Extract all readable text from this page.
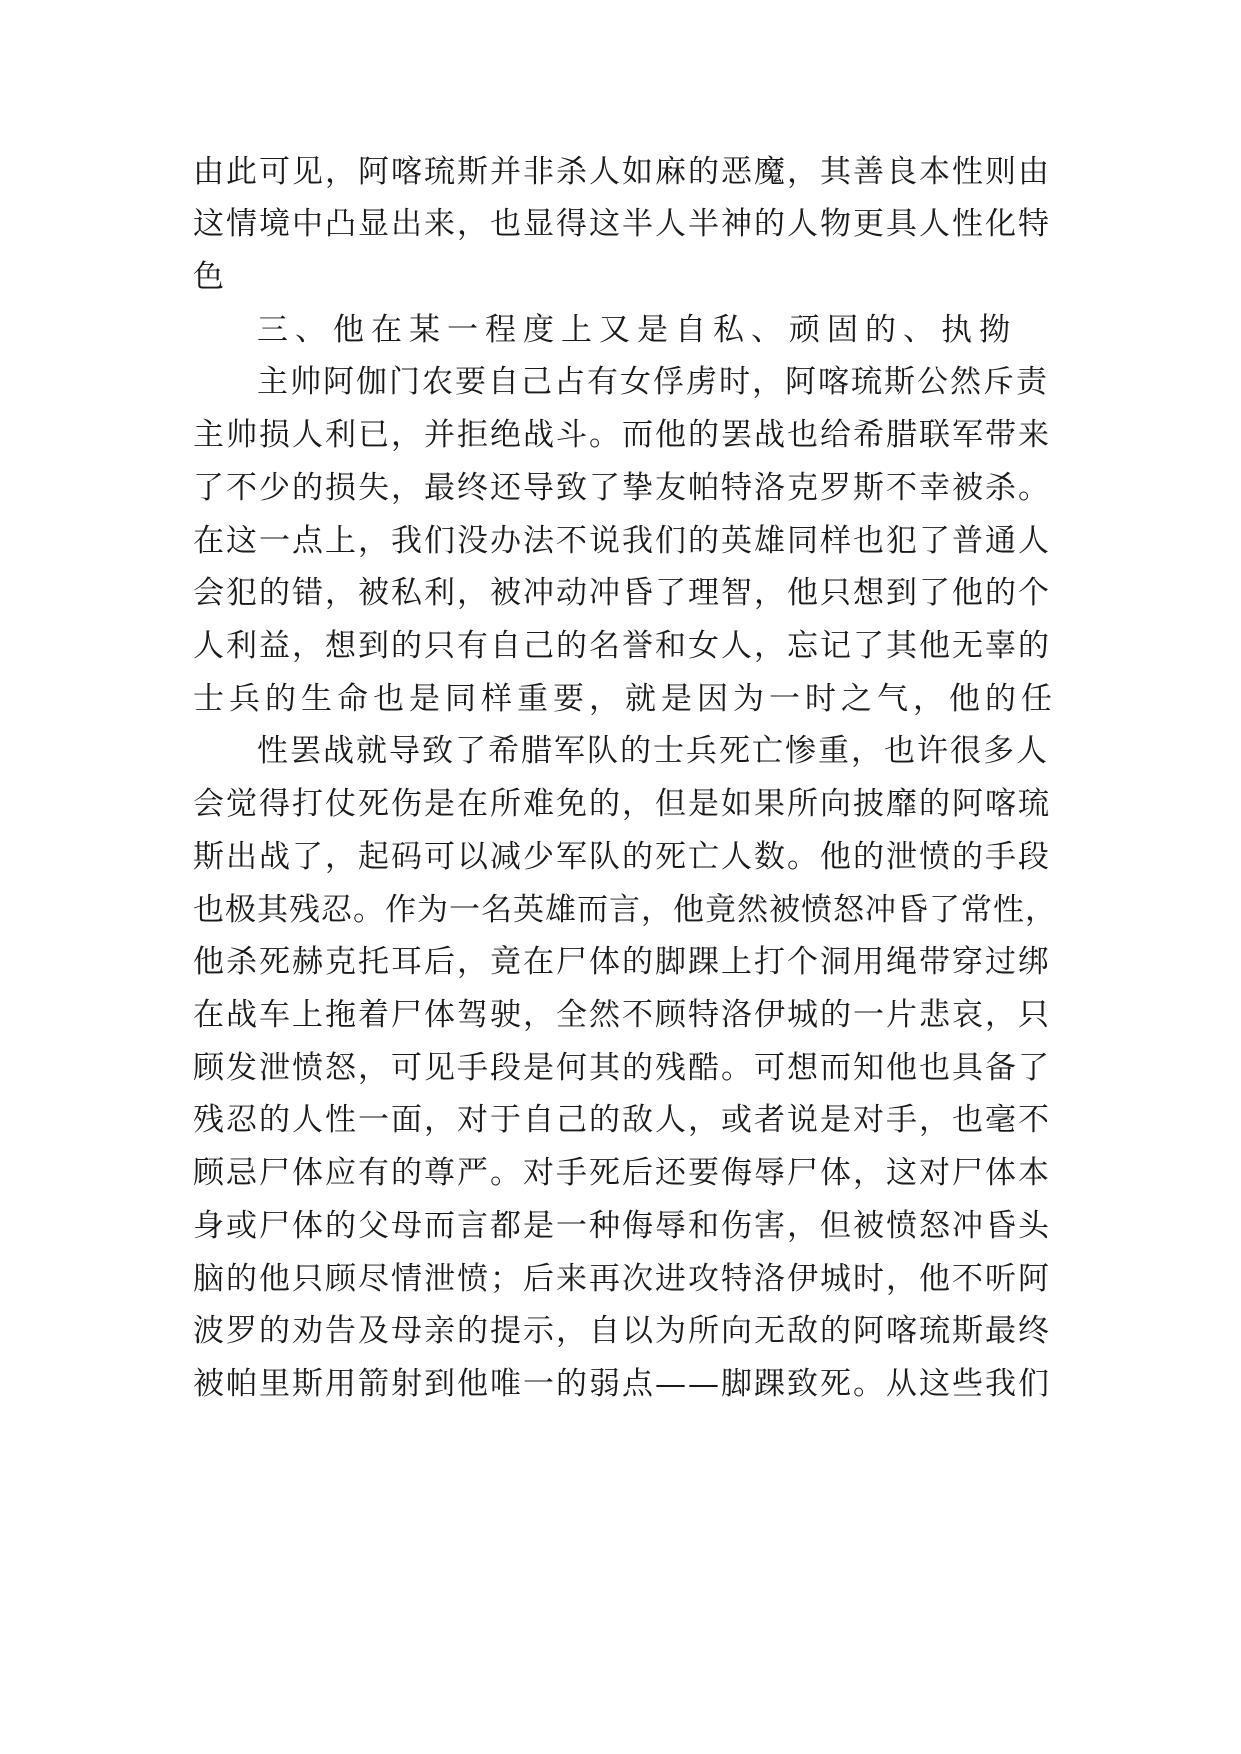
由此可见，阿喀琉斯并非杀人如麻的恶魔，其善良本性则由
这情境中凸显出来，也显得这半人半神的人物更具人性化特
色
三、他在某一程度上又是自私、顽固的、执拗
主帅阿伽门农要自己占有女俘虏时，阿喀琉斯公然斥责
主帅损人利已，并拒绝战斗。而他的罢战也给希腊联军带来
了不少的损失，最终还导致了挚友帕特洛克罗斯不幸被杀。
在这一点上，我们没办法不说我们的英雄同样也犯了普通人
会犯的错，被私利，被冲动冲昏了理智，他只想到了他的个
人利益，想到的只有自己的名誉和女人，忘记了其他无辜的
士兵的生命也是同样重要，就是因为一时之气，他的任
性罢战就导致了希腊军队的士兵死亡惨重，也许很多人
会觉得打仗死伤是在所难免的，但是如果所向披靡的阿喀琉
斯出战了，起码可以减少军队的死亡人数。他的泄愤的手段
也极其残忍。作为一名英雄而言，他竟然被愤怒冲昏了常性，
他杀死赫克托耳后，竟在尸体的脚踝上打个洞用绳带穿过绑
在战车上拖着尸体驾驶，全然不顾特洛伊城的一片悲哀，只
顾发泄愤怒，可见手段是何其的残酷。可想而知他也具备了
残忍的人性一面，对于自己的敌人，或者说是对手，也毫不
顾忌尸体应有的尊严。对手死后还要侮辱尸体，这对尸体本
身或尸体的父母而言都是一种侮辱和伤害，但被愤怒冲昏头
脑的他只顾尽情泄愤；后来再次进攻特洛伊城时，他不听阿
波罗的劝告及母亲的提示，自以为所向无敌的阿喀琉斯最终
被帕里斯用箭射到他唯一的弱点——脚踝致死。从这些我们
